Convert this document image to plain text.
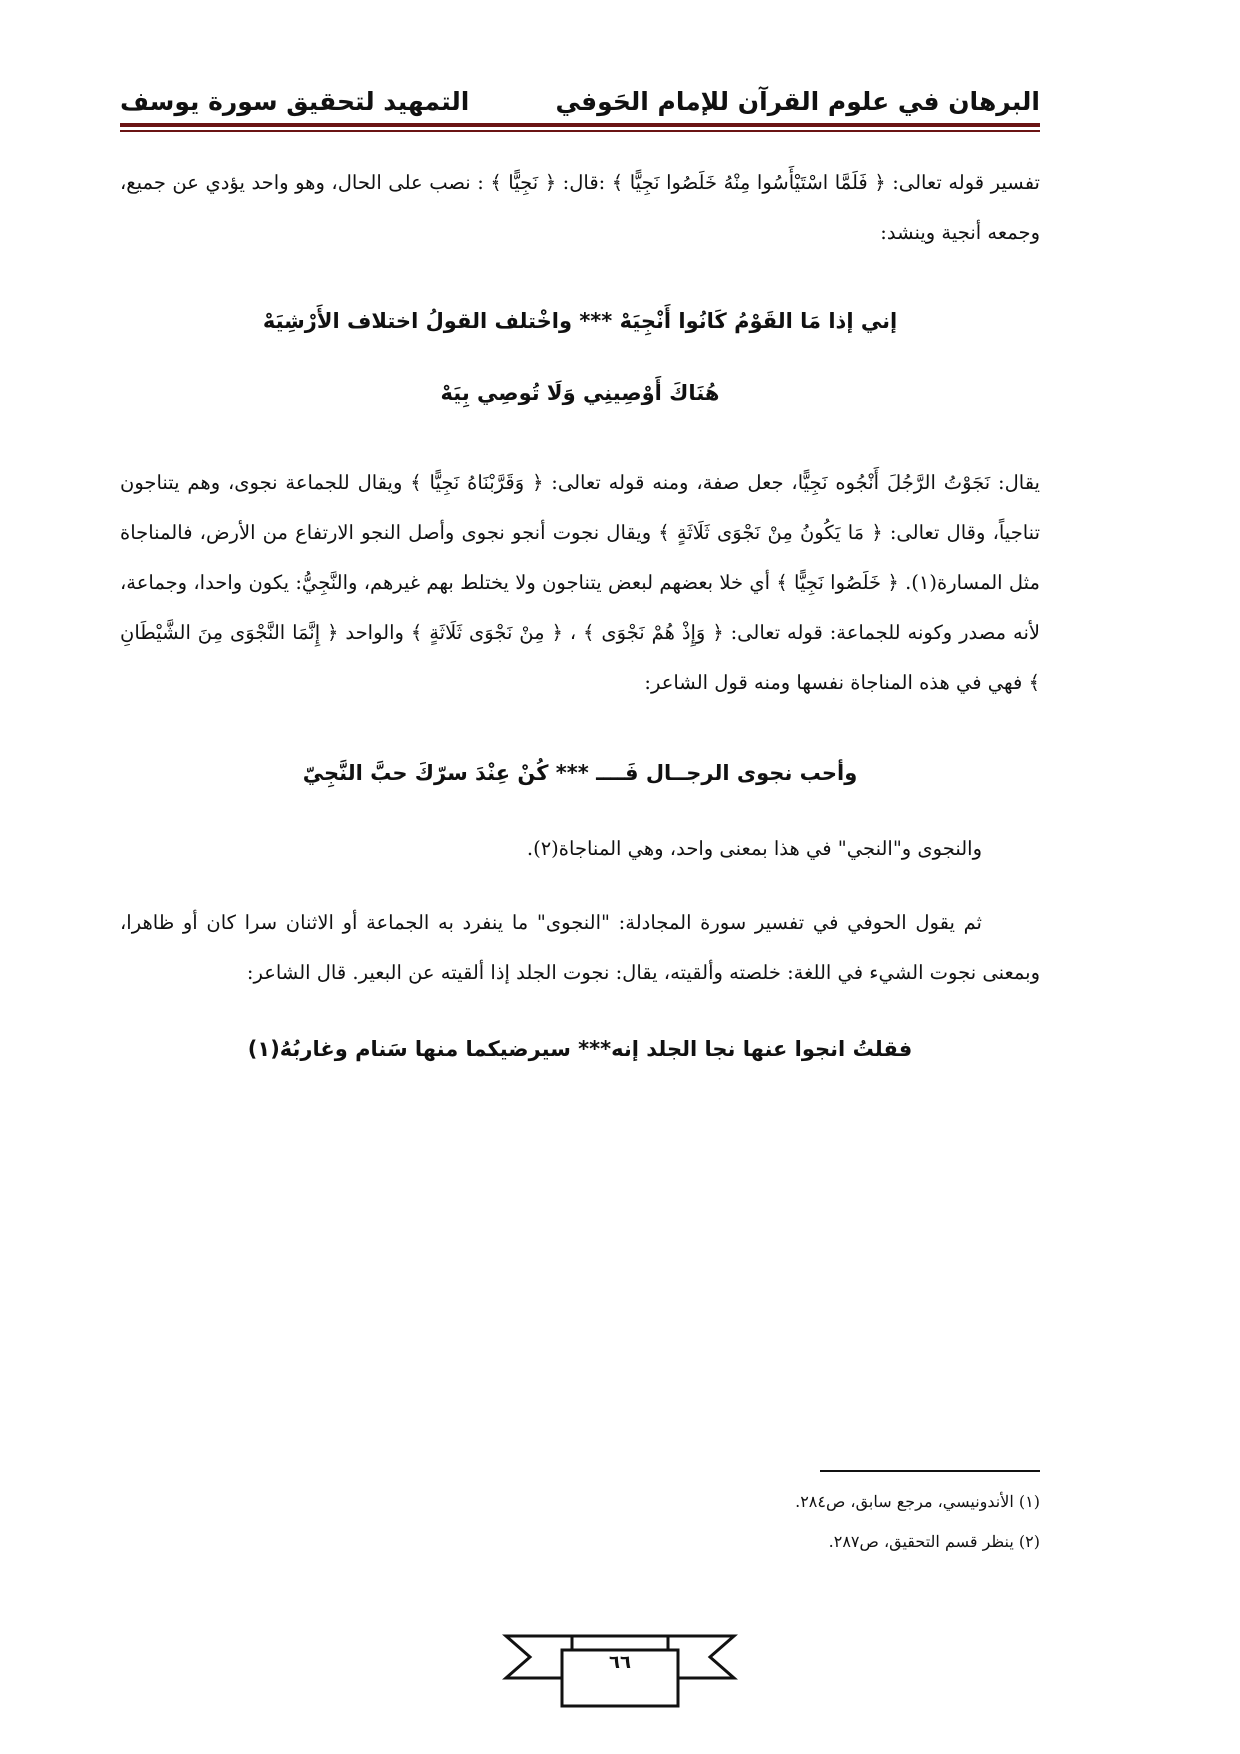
البرهان في علوم القرآن للإمام الحَوفي
التمهيد لتحقيق سورة يوسف

تفسير قوله تعالى: ﴿ فَلَمَّا اسْتَيْأَسُوا مِنْهُ خَلَصُوا نَجِيًّا ﴾ :قال: ﴿ نَجِيًّا ﴾ : نصب على الحال، وهو واحد يؤدي عن جميع، وجمعه أنجية وينشد:

إني إذا مَا القَوْمُ كَانُوا أَنْجِيَهْ *** واخْتلف القولُ اختلاف الأَرْشِيَهْ

هُنَاكَ أَوْصِينِي وَلَا تُوصِي بِيَهْ

يقال: نَجَوْتُ الرَّجُلَ أَنْجُوه نَجِيًّا، جعل صفة، ومنه قوله تعالى: ﴿ وَقَرَّبْنَاهُ نَجِيًّا ﴾ ويقال للجماعة نجوى، وهم يتناجون تناجياً، وقال تعالى: ﴿ مَا يَكُونُ مِنْ نَجْوَى ثَلَاثَةٍ ﴾ ويقال نجوت أنجو نجوى وأصل النجو الارتفاع من الأرض، فالمناجاة مثل المسارة(١). ﴿ خَلَصُوا نَجِيًّا ﴾ أي خلا بعضهم لبعض يتناجون ولا يختلط بهم غيرهم، والنَّجِيُّ: يكون واحدا، وجماعة، لأنه مصدر وكونه للجماعة: قوله تعالى: ﴿ وَإِذْ هُمْ نَجْوَى ﴾ ، ﴿ مِنْ نَجْوَى ثَلَاثَةٍ ﴾ والواحد ﴿ إِنَّمَا النَّجْوَى مِنَ الشَّيْطَانِ ﴾ فهي في هذه المناجاة نفسها ومنه قول الشاعر:

وأحب نجوى الرجــال فَــــ *** كُنْ عِنْدَ سرّكَ حبَّ النَّجِيّ

والنجوى و"النجي" في هذا بمعنى واحد، وهي المناجاة(٢).

ثم يقول الحوفي في تفسير سورة المجادلة: "النجوى" ما ينفرد به الجماعة أو الاثنان سرا كان أو ظاهرا، وبمعنى نجوت الشيء في اللغة: خلصته وألقيته، يقال: نجوت الجلد إذا ألقيته عن البعير. قال الشاعر:

فقلتُ انجوا عنها نجا الجلد إنه*** سيرضيكما منها سَنام وغاربُهُ(١)

(١) الأندونيسي، مرجع سابق، ص٢٨٤.

(٢) ينظر قسم التحقيق، ص٢٨٧.

٦٦
